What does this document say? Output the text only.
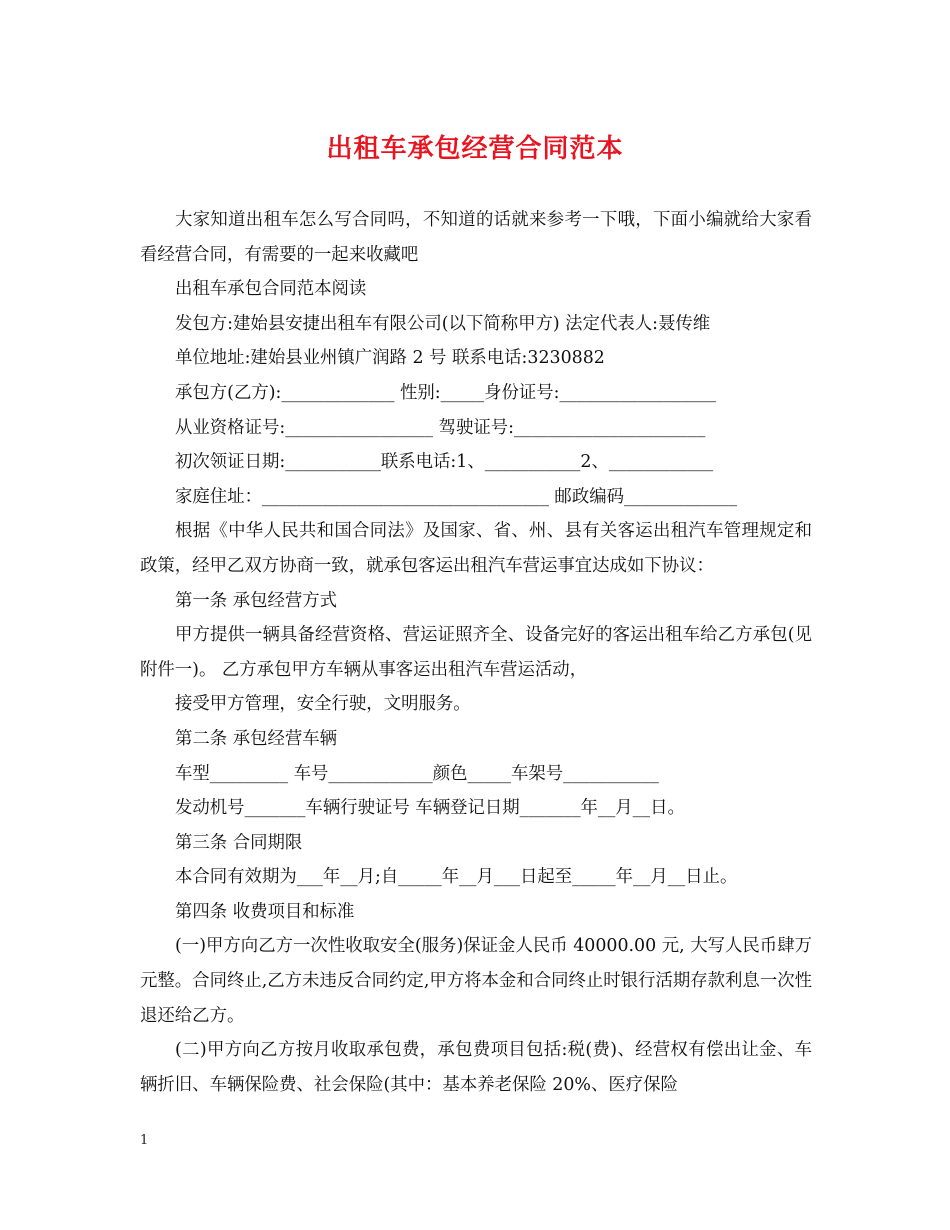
出租车承包经营合同范本

大家知道出租车怎么写合同吗，不知道的话就来参考一下哦，下面小编就给大家看看经营合同，有需要的一起来收藏吧

出租车承包合同范本阅读

发包方:建始县安捷出租车有限公司(以下简称甲方) 法定代表人:聂传维

单位地址:建始县业州镇广润路 2 号 联系电话:3230882

承包方(乙方):_____________ 性别:_____身份证号:__________________

从业资格证号:_________________ 驾驶证号:______________________

初次领证日期:___________联系电话:1、___________2、____________

家庭住址：_________________________________ 邮政编码_____________

根据《中华人民共和国合同法》及国家、省、州、县有关客运出租汽车管理规定和政策，经甲乙双方协商一致，就承包客运出租汽车营运事宜达成如下协议：

第一条 承包经营方式

甲方提供一辆具备经营资格、营运证照齐全、设备完好的客运出租车给乙方承包(见附件一)。 乙方承包甲方车辆从事客运出租汽车营运活动，

接受甲方管理，安全行驶，文明服务。

第二条 承包经营车辆

车型_________ 车号____________颜色_____车架号___________

发动机号_______车辆行驶证号 车辆登记日期_______年__月__日。

第三条 合同期限

本合同有效期为___年__月;自_____年__月___日起至_____年__月__日止。

第四条 收费项目和标准

(一)甲方向乙方一次性收取安全(服务)保证金人民币 40000.00 元, 大写人民币肆万元整。合同终止,乙方未违反合同约定,甲方将本金和合同终止时银行活期存款利息一次性退还给乙方。

(二)甲方向乙方按月收取承包费，承包费项目包括:税(费)、经营权有偿出让金、车辆折旧、车辆保险费、社会保险(其中：基本养老保险 20%、医疗保险

1
